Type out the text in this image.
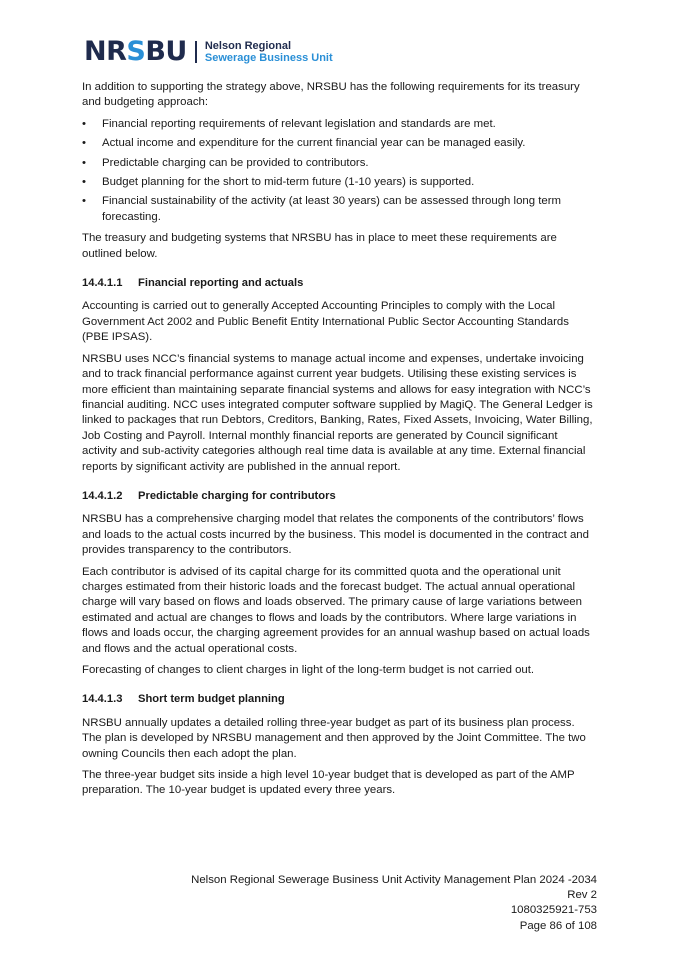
NRSBU Nelson Regional
Sewerage Business Unit

In addition to supporting the strategy above, NRSBU has the following requirements for its treasury and budgeting approach:

• Financial reporting requirements of relevant legislation and standards are met.
• Actual income and expenditure for the current financial year can be managed easily.
• Predictable charging can be provided to contributors.
• Budget planning for the short to mid-term future (1-10 years) is supported.
• Financial sustainability of the activity (at least 30 years) can be assessed through long term forecasting.

The treasury and budgeting systems that NRSBU has in place to meet these requirements are outlined below.

14.4.1.1 Financial reporting and actuals

Accounting is carried out to generally Accepted Accounting Principles to comply with the Local Government Act 2002 and Public Benefit Entity International Public Sector Accounting Standards (PBE IPSAS).

NRSBU uses NCC’s financial systems to manage actual income and expenses, undertake invoicing and to track financial performance against current year budgets. Utilising these existing services is more efficient than maintaining separate financial systems and allows for easy integration with NCC’s financial auditing. NCC uses integrated computer software supplied by MagiQ. The General Ledger is linked to packages that run Debtors, Creditors, Banking, Rates, Fixed Assets, Invoicing, Water Billing, Job Costing and Payroll. Internal monthly financial reports are generated by Council significant activity and sub-activity categories although real time data is available at any time. External financial reports by significant activity are published in the annual report.

14.4.1.2 Predictable charging for contributors

NRSBU has a comprehensive charging model that relates the components of the contributors’ flows and loads to the actual costs incurred by the business. This model is documented in the contract and provides transparency to the contributors.

Each contributor is advised of its capital charge for its committed quota and the operational unit charges estimated from their historic loads and the forecast budget. The actual annual operational charge will vary based on flows and loads observed. The primary cause of large variations between estimated and actual are changes to flows and loads by the contributors. Where large variations in flows and loads occur, the charging agreement provides for an annual washup based on actual loads and flows and the actual operational costs.

Forecasting of changes to client charges in light of the long-term budget is not carried out.

14.4.1.3 Short term budget planning

NRSBU annually updates a detailed rolling three-year budget as part of its business plan process. The plan is developed by NRSBU management and then approved by the Joint Committee. The two owning Councils then each adopt the plan.

The three-year budget sits inside a high level 10-year budget that is developed as part of the AMP preparation. The 10-year budget is updated every three years.

Nelson Regional Sewerage Business Unit Activity Management Plan 2024 -2034
Rev 2
1080325921-753
Page 86 of 108
